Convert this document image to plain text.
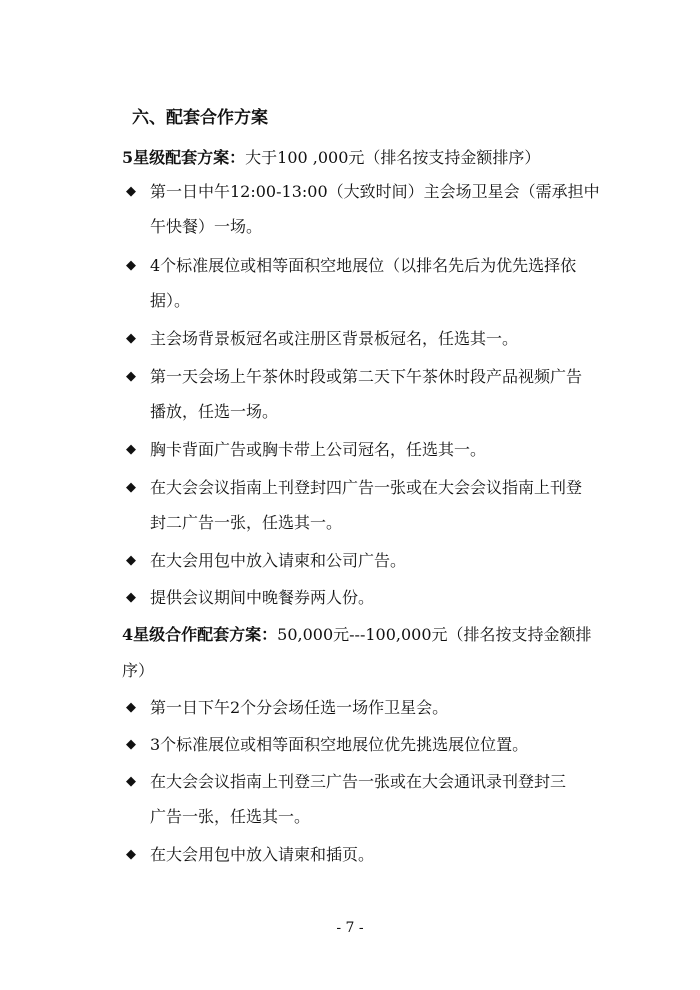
六、配套合作方案
5星级配套方案：大于100 ,000元（排名按支持金额排序）
◆ 第一日中午12:00-13:00（大致时间）主会场卫星会（需承担中
午快餐）一场。
◆ 4个标准展位或相等面积空地展位（以排名先后为优先选择依
据）。
◆ 主会场背景板冠名或注册区背景板冠名，任选其一。
◆ 第一天会场上午茶休时段或第二天下午茶休时段产品视频广告
播放，任选一场。
◆ 胸卡背面广告或胸卡带上公司冠名，任选其一。
◆ 在大会会议指南上刊登封四广告一张或在大会会议指南上刊登
封二广告一张，任选其一。
◆ 在大会用包中放入请柬和公司广告。
◆ 提供会议期间中晚餐券两人份。
4星级合作配套方案：50,000元---100,000元（排名按支持金额排
序）
◆ 第一日下午2个分会场任选一场作卫星会。
◆ 3个标准展位或相等面积空地展位优先挑选展位位置。
◆ 在大会会议指南上刊登三广告一张或在大会通讯录刊登封三
广告一张，任选其一。
◆ 在大会用包中放入请柬和插页。
- 7 -
